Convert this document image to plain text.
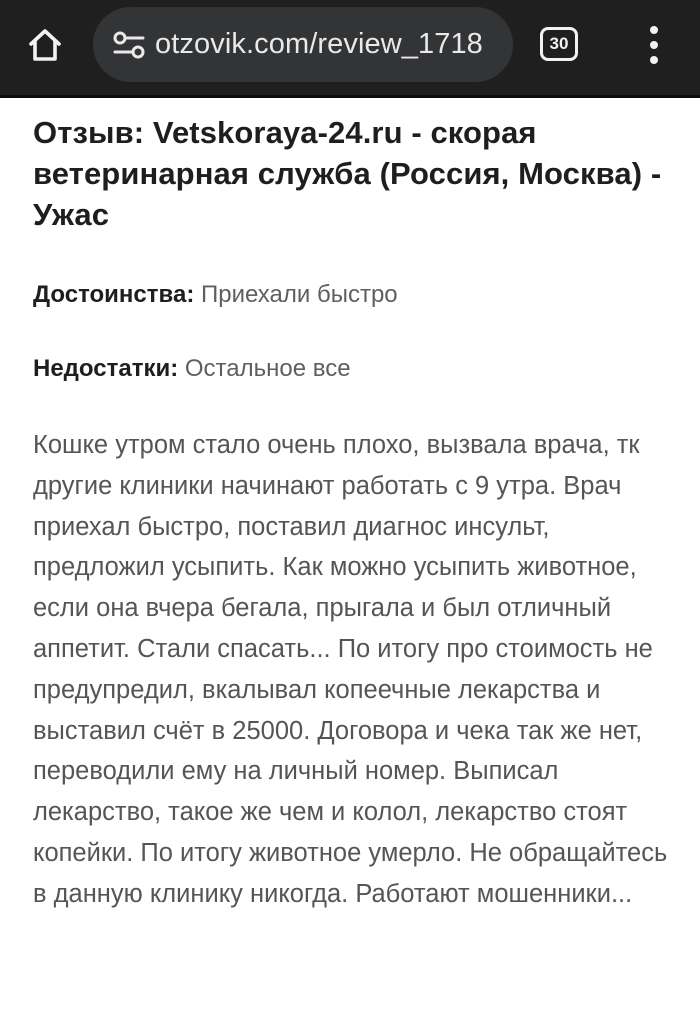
otzovik.com/review_1718	30
Отзыв: Vetskoraya-24.ru - скорая ветеринарная служба (Россия, Москва) - Ужас

Достоинства: Приехали быстро

Недостатки: Остальное все

Кошке утром стало очень плохо, вызвала врача, тк другие клиники начинают работать с 9 утра. Врач приехал быстро, поставил диагнос инсульт, предложил усыпить. Как можно усыпить животное, если она вчера бегала, прыгала и был отличный аппетит. Стали спасать... По итогу про стоимость не предупредил, вкалывал копеечные лекарства и выставил счёт в 25000. Договора и чека так же нет, переводили ему на личный номер. Выписал лекарство, такое же чем и колол, лекарство стоят копейки. По итогу животное умерло. Не обращайтесь в данную клинику никогда. Работают мошенники...
